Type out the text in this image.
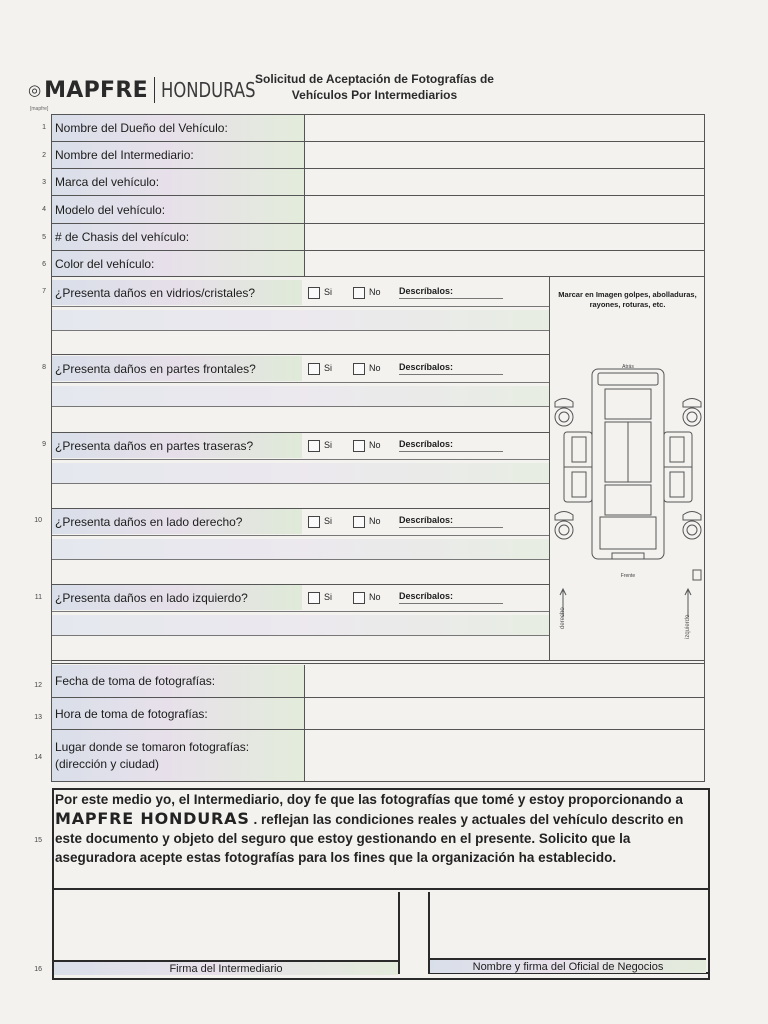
◎ MAPFRE HONDURAS
[mapfre]
Solicitud de Aceptación de Fotografías de
Vehículos Por Intermediarios
1 Nombre del Dueño del Vehículo:
2 Nombre del Intermediario:
3 Marca del vehículo:
4 Modelo del vehículo:
5 # de Chasis del vehículo:
6 Color del vehículo:
7 ¿Presenta daños en vidrios/cristales?	Si	No Descríbalos:
8 ¿Presenta daños en partes frontales?	Si	No Descríbalos:
9 ¿Presenta daños en partes traseras?	Si	No Descríbalos:
10 ¿Presenta daños en lado derecho?	Si	No Descríbalos:
11 ¿Presenta daños en lado izquierdo?	Si	No Descríbalos:
Marcar en Imagen golpes, abolladuras, rayones, roturas, etc.
Atrás
Frente
derecho	izquierdo
12 Fecha de toma de fotografías:
13 Hora de toma de fotografías:
14
Lugar donde se tomaron fotografías:
(dirección y ciudad)
15
Por este medio yo, el Intermediario, doy fe que las fotografías que tomé y estoy proporcionando a MAPFRE HONDURAS . reflejan las condiciones reales y actuales del vehículo descrito en este documento y objeto del seguro que estoy gestionando en el presente. Solicito que la aseguradora acepte estas fotografías para los fines que la organización ha establecido.
16	Firma del Intermediario	Nombre y firma del Oficial de Negocios
